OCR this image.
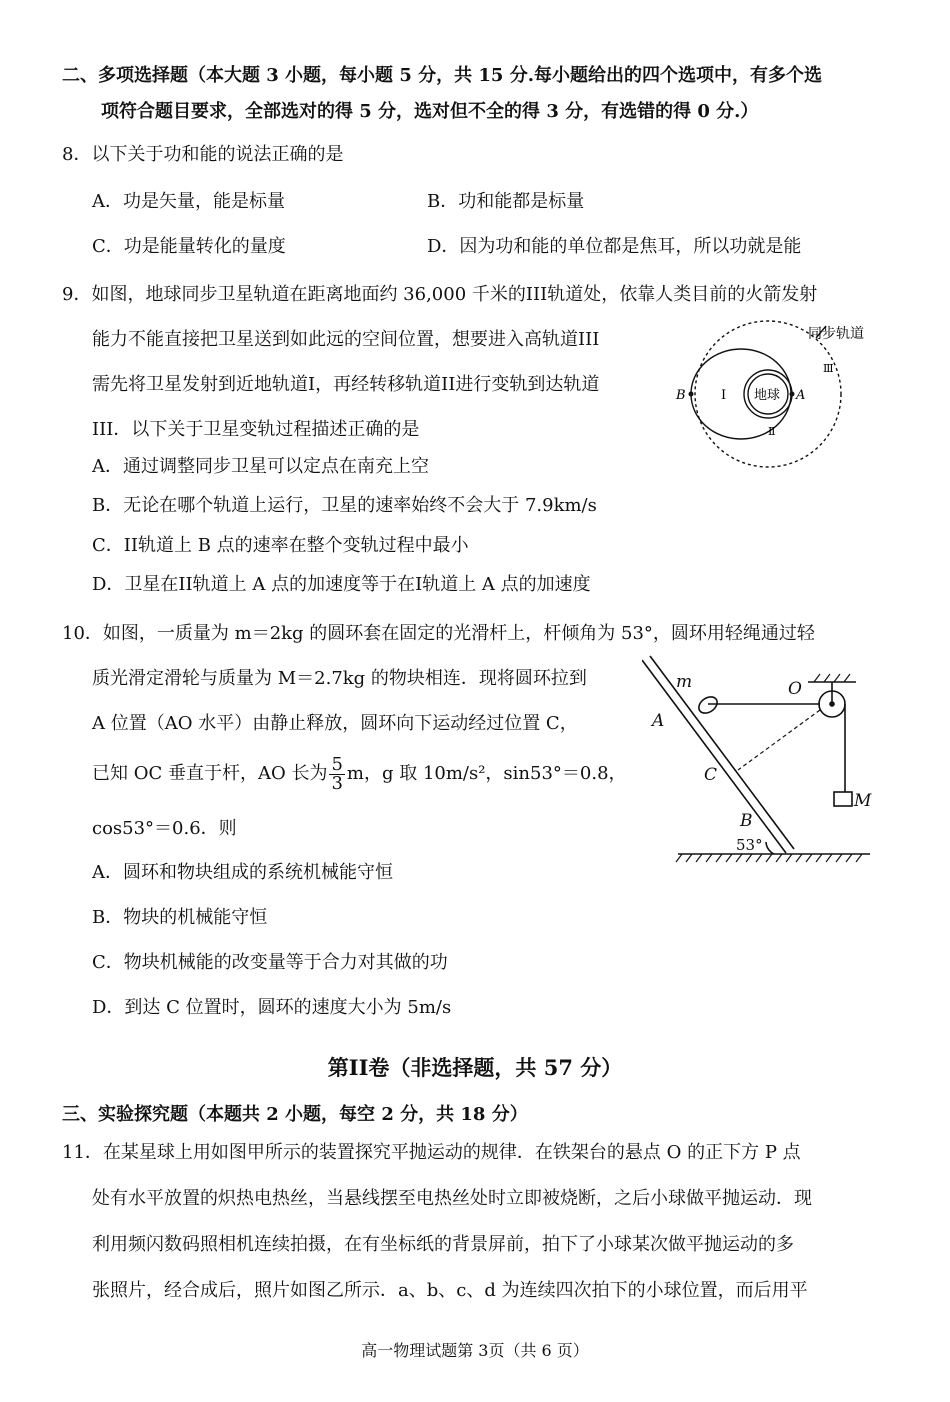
二、多项选择题（本大题 3 小题，每小题 5 分，共 15 分.每小题给出的四个选项中，有多个选
项符合题目要求，全部选对的得 5 分，选对但不全的得 3 分，有选错的得 0 分.）
8．以下关于功和能的说法正确的是
A．功是矢量，能是标量	B．功和能都是标量
C．功是能量转化的量度	D．因为功和能的单位都是焦耳，所以功就是能
9．如图，地球同步卫星轨道在距离地面约 36,000 千米的III轨道处，依靠人类目前的火箭发射
能力不能直接把卫星送到如此远的空间位置，想要进入高轨道III
需先将卫星发射到近地轨道I，再经转移轨道II进行变轨到达轨道
III．以下关于卫星变轨过程描述正确的是
A．通过调整同步卫星可以定点在南充上空
B．无论在哪个轨道上运行，卫星的速率始终不会大于 7.9km/s
C．II轨道上 B 点的速率在整个变轨过程中最小
D．卫星在II轨道上 A 点的加速度等于在I轨道上 A 点的加速度
同步轨道
Ⅲ
I
Ⅱ
地球 A
B
10．如图，一质量为 m＝2kg 的圆环套在固定的光滑杆上，杆倾角为 53°，圆环用轻绳通过轻
质光滑定滑轮与质量为 M＝2.7kg 的物块相连．现将圆环拉到
A 位置（AO 水平）由静止释放，圆环向下运动经过位置 C，
已知 OC 垂直于杆，AO 长为 $\frac{5}{3}$ m，g 取 10m/s²，sin53°＝0.8，
cos53°＝0.6．则
A．圆环和物块组成的系统机械能守恒
B．物块的机械能守恒
C．物块机械能的改变量等于合力对其做的功
D．到达 C 位置时，圆环的速度大小为 5m/s
m	O
A
C
M
B
53°
第II卷（非选择题，共 57 分）
三、实验探究题（本题共 2 小题，每空 2 分，共 18 分）
11．在某星球上用如图甲所示的装置探究平抛运动的规律．在铁架台的悬点 O 的正下方 P 点
处有水平放置的炽热电热丝，当悬线摆至电热丝处时立即被烧断，之后小球做平抛运动．现
利用频闪数码照相机连续拍摄，在有坐标纸的背景屏前，拍下了小球某次做平抛运动的多
张照片，经合成后，照片如图乙所示．a、b、c、d 为连续四次拍下的小球位置，而后用平
高一物理试题第 3页（共 6 页）
